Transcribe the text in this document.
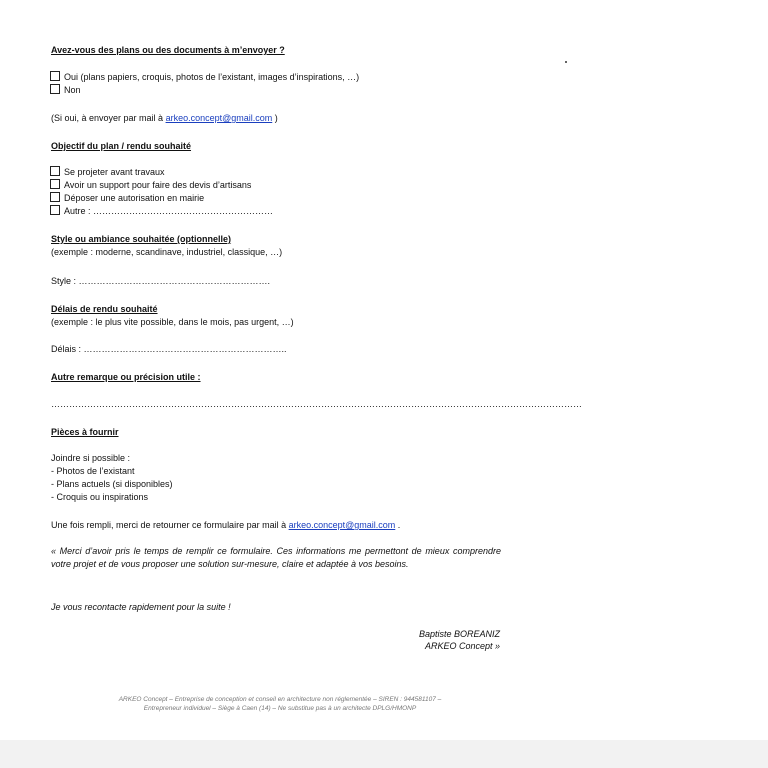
Avez-vous des plans ou des documents à m’envoyer ?
Oui (plans papiers, croquis, photos de l’existant, images d’inspirations, …)
Non
(Si oui, à envoyer par mail à arkeo.concept@gmail.com )
Objectif du plan / rendu souhaité
Se projeter avant travaux
Avoir un support pour faire des devis d’artisans
Déposer une autorisation en mairie
Autre : ……………………………………………………
Style ou ambiance souhaitée (optionnelle)
(exemple : moderne, scandinave, industriel, classique, …)
Style : ……………………………………………………….
Délais de rendu souhaité
(exemple : le plus vite possible, dans le mois, pas urgent, …)
Délais : …………………………………………………………..
Autre remarque ou précision utile :
……………………………………………………………………………………………………………………………………………………………
Pièces à fournir
Joindre si possible :
- Photos de l’existant
- Plans actuels (si disponibles)
- Croquis ou inspirations
Une fois rempli, merci de retourner ce formulaire par mail à arkeo.concept@gmail.com .
« Merci d’avoir pris le temps de remplir ce formulaire. Ces informations me permettont de mieux comprendre votre projet et de vous proposer une solution sur-mesure, claire et adaptée à vos besoins.
Je vous recontacte rapidement pour la suite !
Baptiste BOREANIZ
ARKEO Concept »
ARKEO Concept – Entreprise de conception et conseil en architecture non réglementée – SIREN : 944581107 –
Entrepreneur individuel – Siège à Caen (14) – Ne substitue pas à un architecte DPLG/HMONP
